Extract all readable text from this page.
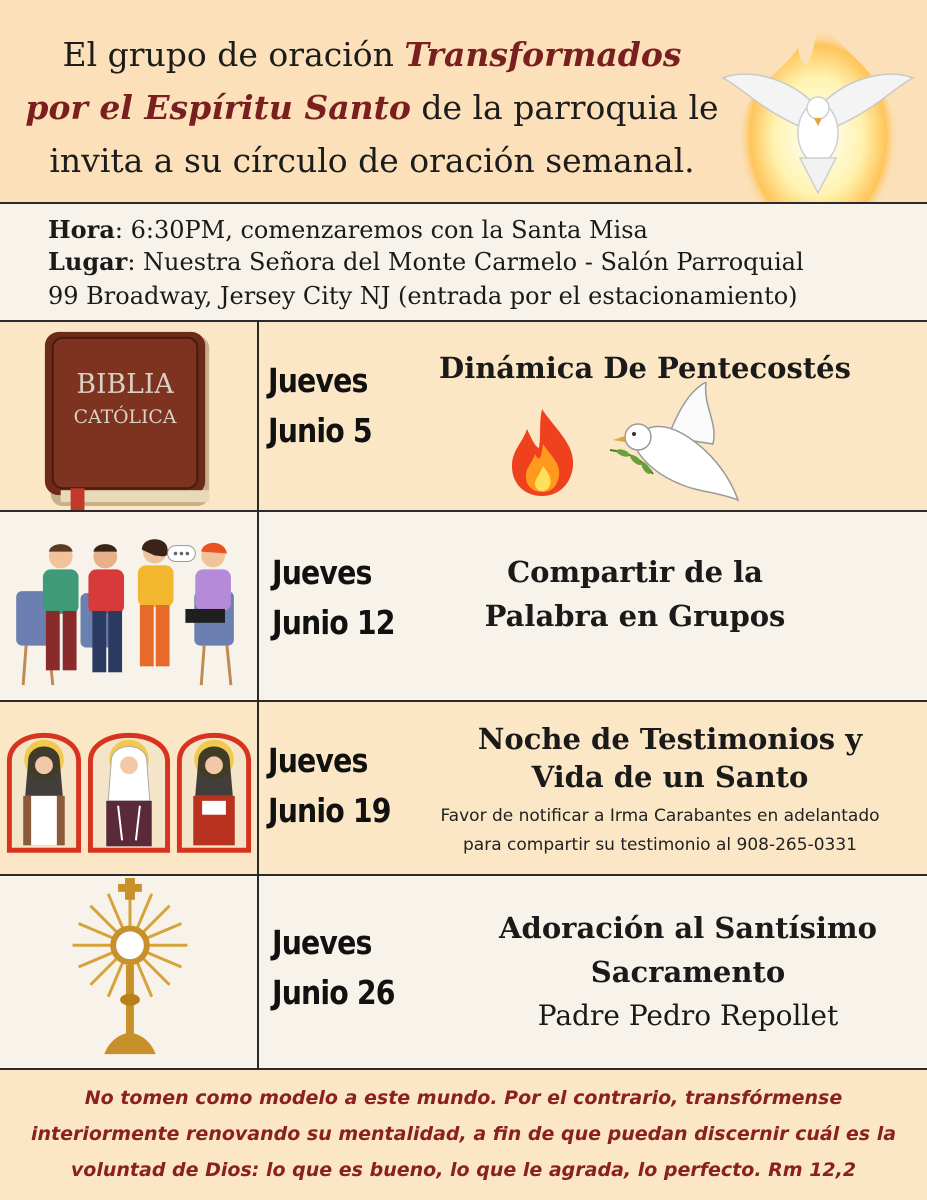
El grupo de oración Transformados
por el Espíritu Santo de la parroquia le
invita a su círculo de oración semanal.
Hora: 6:30PM, comenzaremos con la Santa Misa
Lugar: Nuestra Señora del Monte Carmelo - Salón Parroquial
99 Broadway, Jersey City NJ (entrada por el estacionamiento)
BIBLIA
CATÓLICA
Jueves
Junio 5
Dinámica De Pentecostés
Jueves
Junio 12
Compartir de la
Palabra en Grupos
Jueves
Junio 19
Noche de Testimonios y
Vida de un Santo
Favor de notificar a Irma Carabantes en adelantado
para compartir su testimonio al 908-265-0331
Jueves
Junio 26
Adoración al Santísimo
Sacramento
Padre Pedro Repollet
No tomen como modelo a este mundo. Por el contrario, transfórmense
interiormente renovando su mentalidad, a fin de que puedan discernir cuál es la
voluntad de Dios: lo que es bueno, lo que le agrada, lo perfecto. Rm 12,2
